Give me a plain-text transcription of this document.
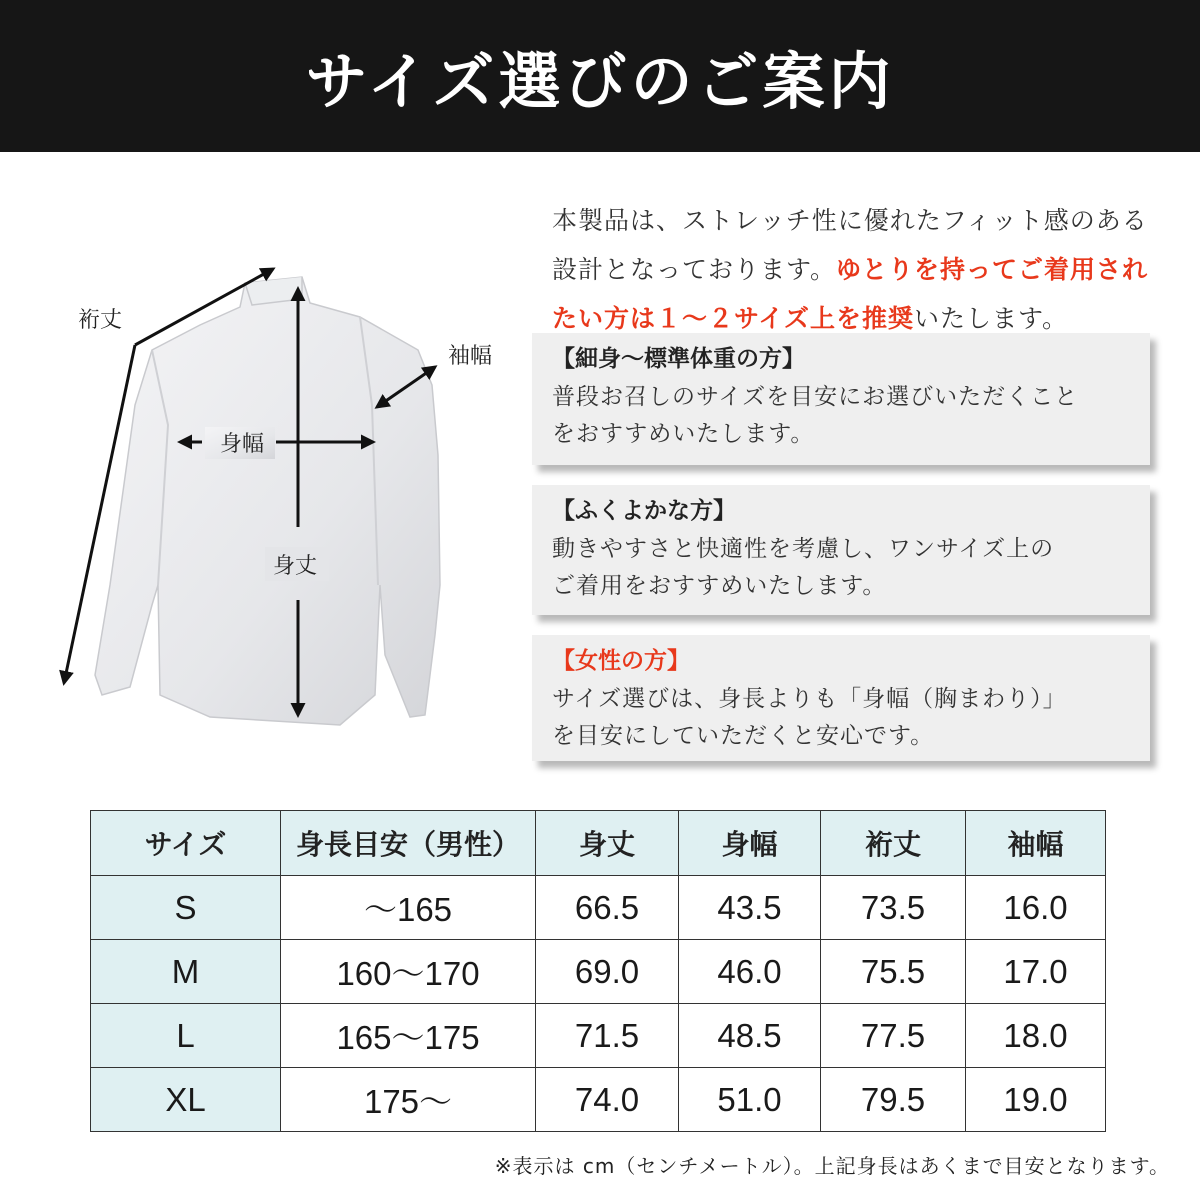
サイズ選びのご案内
裄丈
袖幅
身幅
身丈
本製品は、ストレッチ性に優れたフィット感のある設計となっております。ゆとりを持ってご着用されたい方は１～２サイズ上を推奨いたします。
【細身～標準体重の方】
普段お召しのサイズを目安にお選びいただくこと
をおすすめいたします。
【ふくよかな方】
動きやすさと快適性を考慮し、ワンサイズ上の
ご着用をおすすめいたします。
【女性の方】
サイズ選びは、身長よりも「身幅（胸まわり）」
を目安にしていただくと安心です。
サイズ	身長目安（男性）	身丈	身幅	裄丈	袖幅
S	～165	66.5	43.5	73.5	16.0
M	160～170	69.0	46.0	75.5	17.0
L	165～175	71.5	48.5	77.5	18.0
XL	175～	74.0	51.0	79.5	19.0
※表示は cm（センチメートル）。上記身長はあくまで目安となります。
